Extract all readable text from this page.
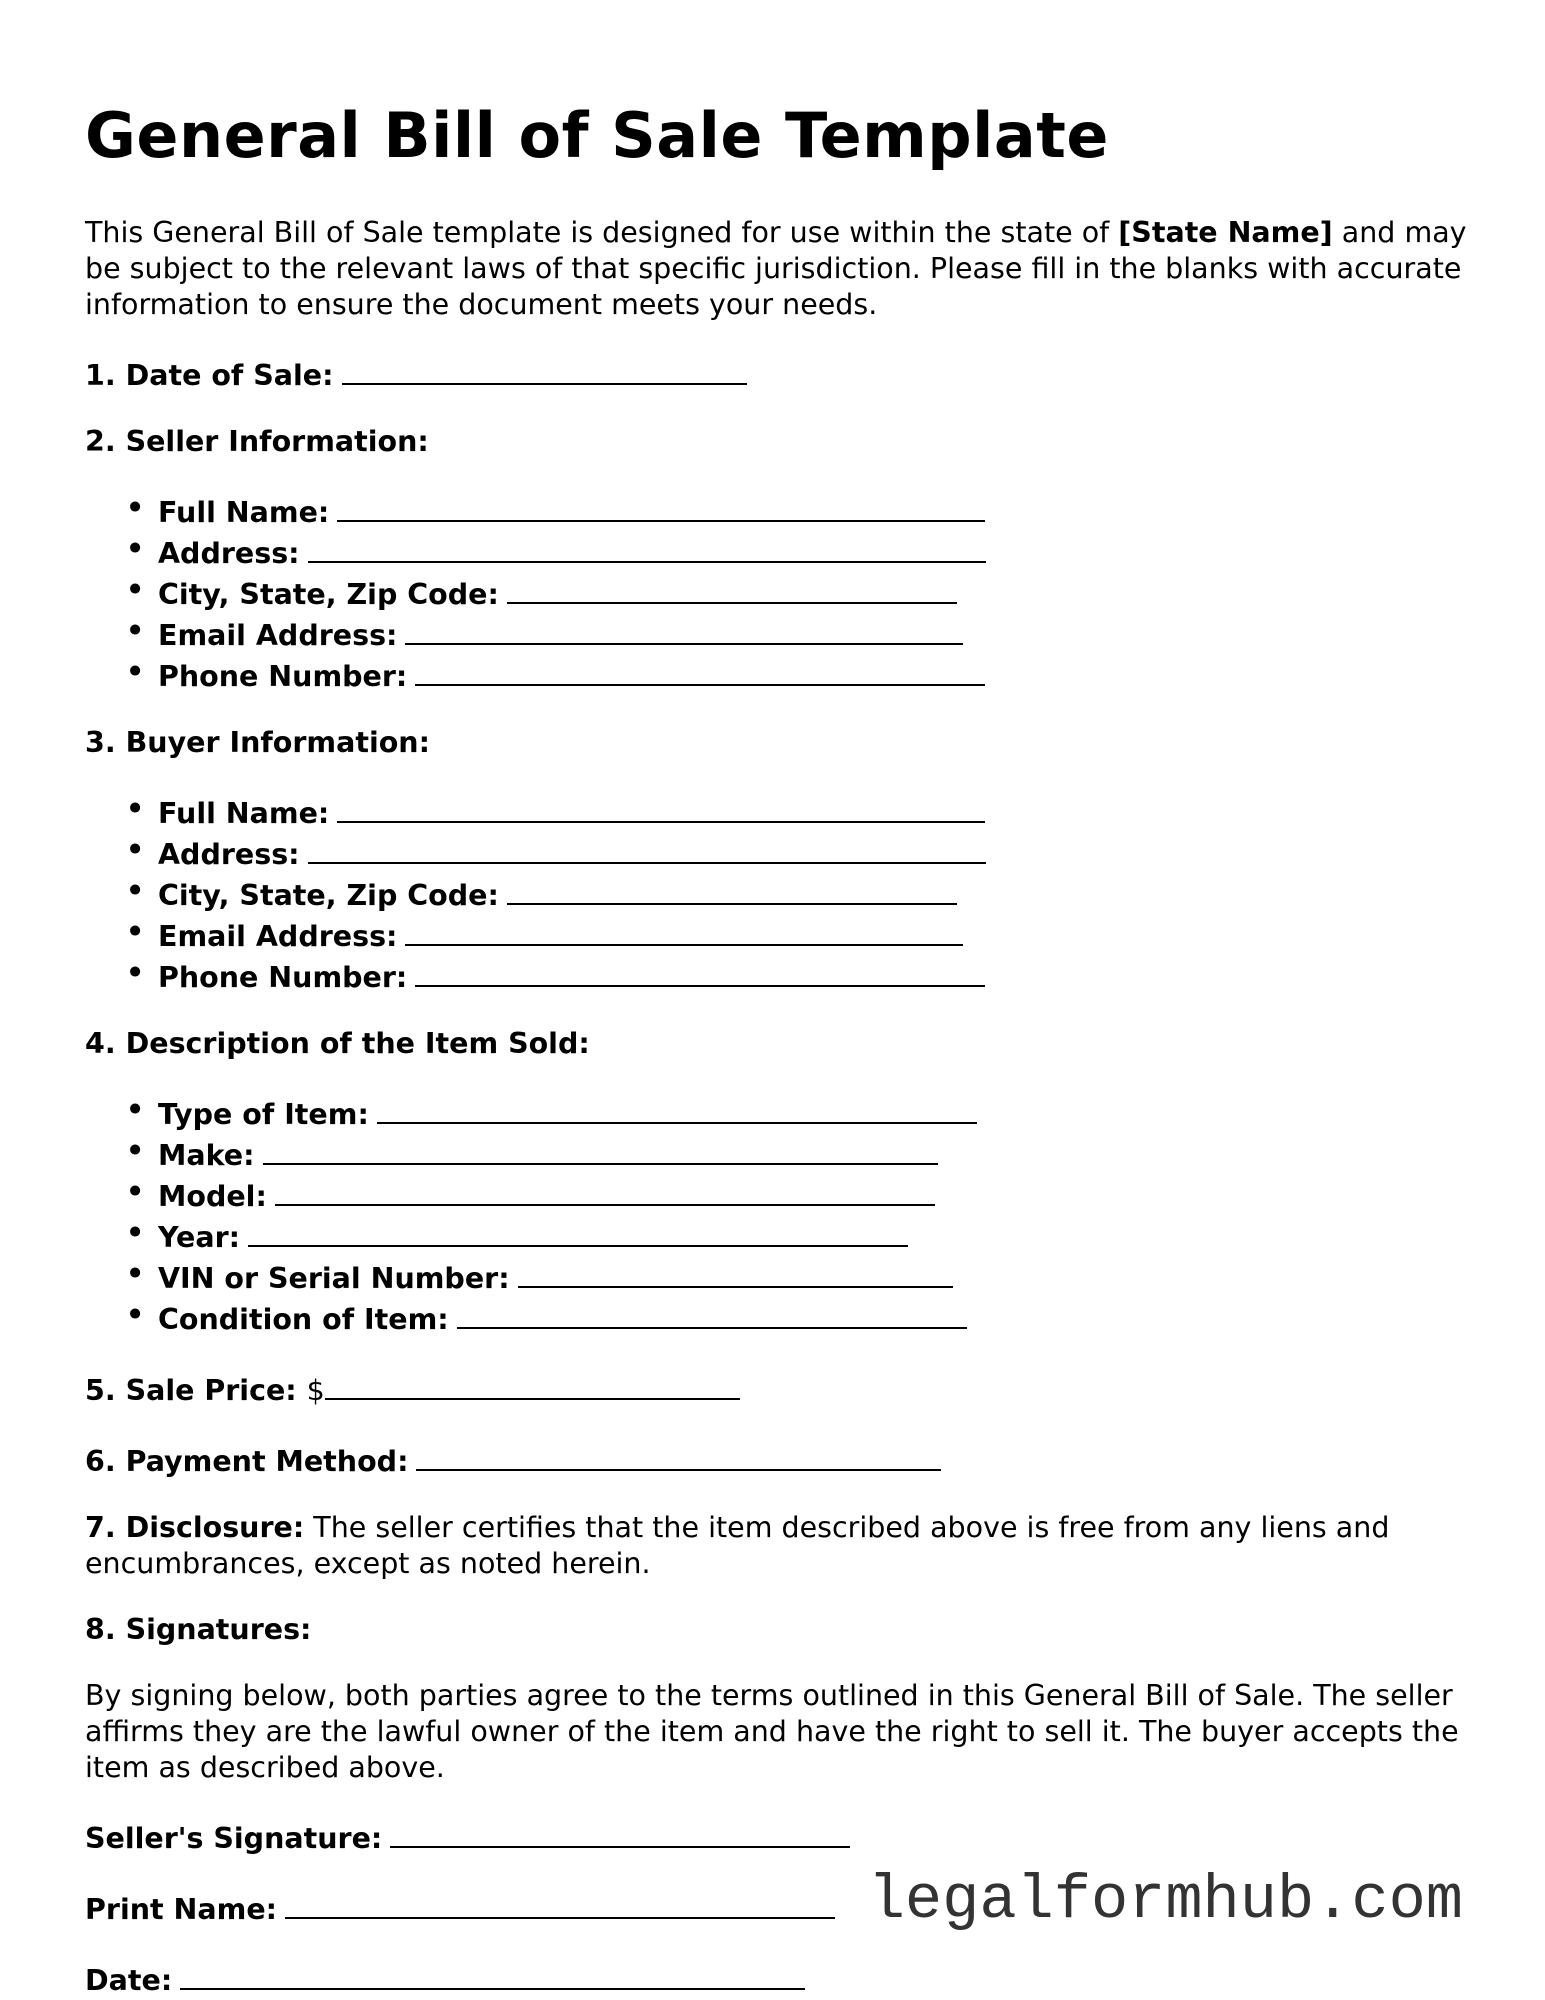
General Bill of Sale Template
This General Bill of Sale template is designed for use within the state of [State Name] and may be subject to the relevant laws of that specific jurisdiction. Please fill in the blanks with accurate information to ensure the document meets your needs.
1. Date of Sale:
2. Seller Information:
• Full Name:
• Address:
• City, State, Zip Code:
• Email Address:
• Phone Number:
3. Buyer Information:
• Full Name:
• Address:
• City, State, Zip Code:
• Email Address:
• Phone Number:
4. Description of the Item Sold:
• Type of Item:
• Make:
• Model:
• Year:
• VIN or Serial Number:
• Condition of Item:
5. Sale Price: $
6. Payment Method:
7. Disclosure: The seller certifies that the item described above is free from any liens and encumbrances, except as noted herein.
8. Signatures:
By signing below, both parties agree to the terms outlined in this General Bill of Sale. The seller affirms they are the lawful owner of the item and have the right to sell it. The buyer accepts the item as described above.
Seller's Signature:
Print Name:
Date:
legalformhub.com
